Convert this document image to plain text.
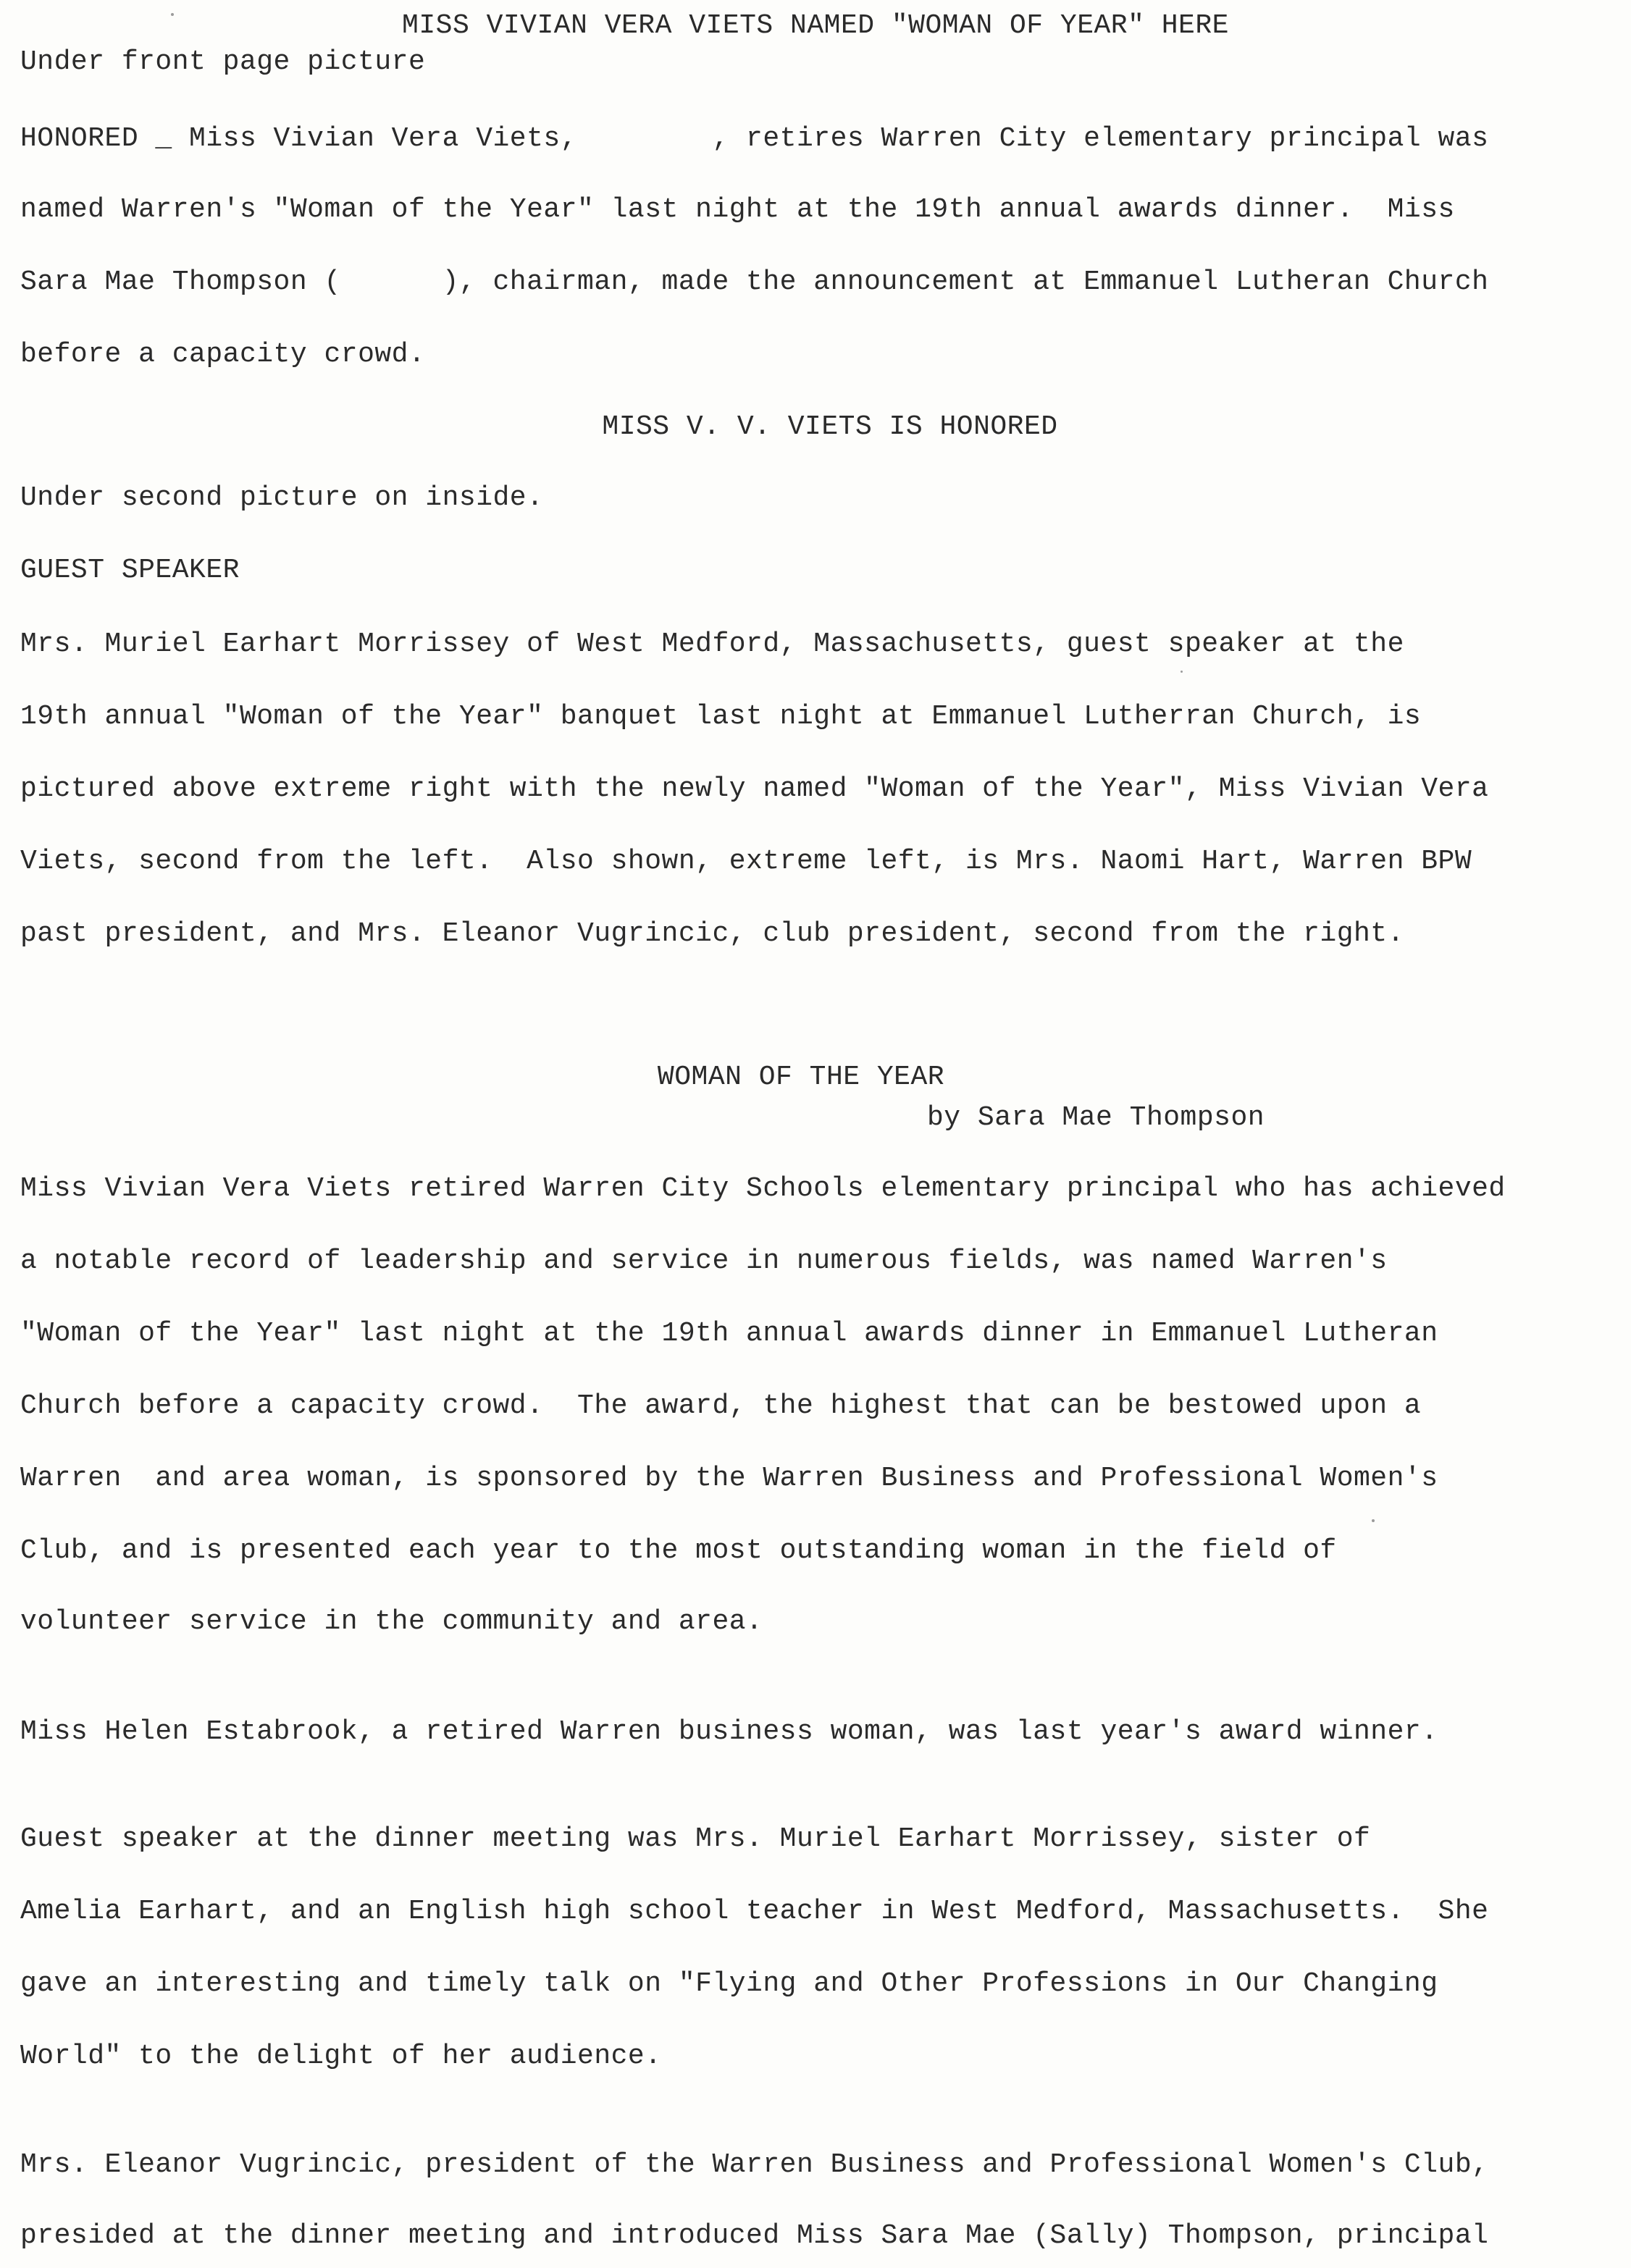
MISS VIVIAN VERA VIETS NAMED "WOMAN OF YEAR" HERE
Under front page picture
HONORED _ Miss Vivian Vera Viets,        , retires Warren City elementary principal was
named Warren's "Woman of the Year" last night at the 19th annual awards dinner.  Miss
Sara Mae Thompson (      ), chairman, made the announcement at Emmanuel Lutheran Church
before a capacity crowd.
MISS V. V. VIETS IS HONORED
Under second picture on inside.
GUEST SPEAKER
Mrs. Muriel Earhart Morrissey of West Medford, Massachusetts, guest speaker at the
19th annual "Woman of the Year" banquet last night at Emmanuel Lutherran Church, is
pictured above extreme right with the newly named "Woman of the Year", Miss Vivian Vera
Viets, second from the left.  Also shown, extreme left, is Mrs. Naomi Hart, Warren BPW
past president, and Mrs. Eleanor Vugrincic, club president, second from the right.
WOMAN OF THE YEAR
by Sara Mae Thompson
Miss Vivian Vera Viets retired Warren City Schools elementary principal who has achieved
a notable record of leadership and service in numerous fields, was named Warren's
"Woman of the Year" last night at the 19th annual awards dinner in Emmanuel Lutheran
Church before a capacity crowd.  The award, the highest that can be bestowed upon a
Warren  and area woman, is sponsored by the Warren Business and Professional Women's
Club, and is presented each year to the most outstanding woman in the field of
volunteer service in the community and area.
Miss Helen Estabrook, a retired Warren business woman, was last year's award winner.
Guest speaker at the dinner meeting was Mrs. Muriel Earhart Morrissey, sister of
Amelia Earhart, and an English high school teacher in West Medford, Massachusetts.  She
gave an interesting and timely talk on "Flying and Other Professions in Our Changing
World" to the delight of her audience.
Mrs. Eleanor Vugrincic, president of the Warren Business and Professional Women's Club,
presided at the dinner meeting and introduced Miss Sara Mae (Sally) Thompson, principal
